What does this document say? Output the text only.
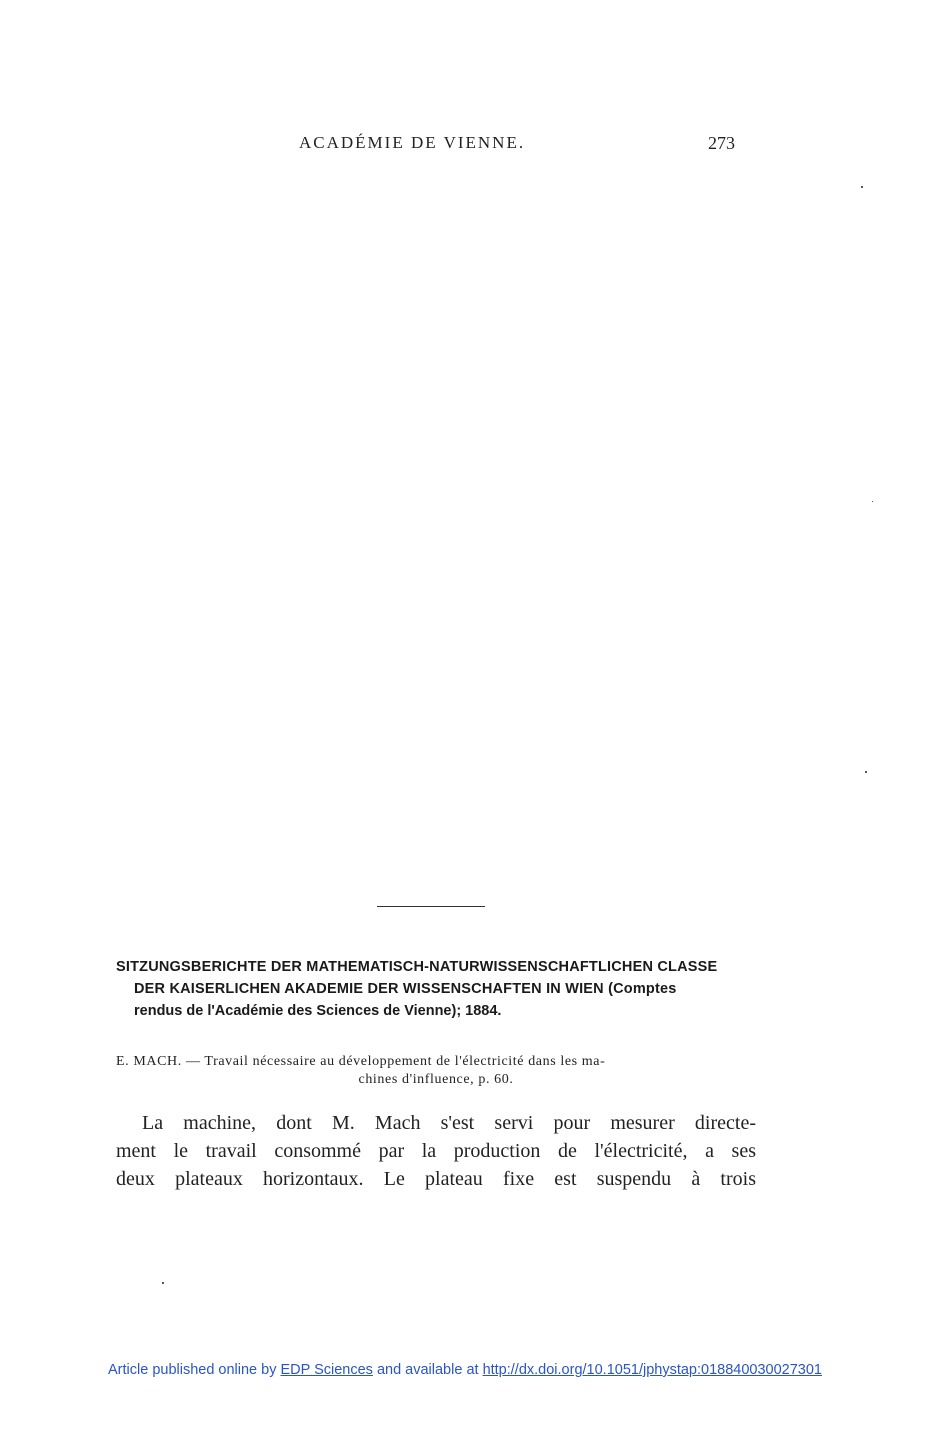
ACADÉMIE DE VIENNE.	273
SITZUNGSBERICHTE DER MATHEMATISCH-NATURWISSENSCHAFTLICHEN CLASSE
DER KAISERLICHEN AKADEMIE DER WISSENSCHAFTEN IN WIEN (Comptes
rendus de l'Académie des Sciences de Vienne); 1884.
E. MACH. — Travail nécessaire au développement de l'électricité dans les ma-
chines d'influence, p. 60.
La machine, dont M. Mach s'est servi pour mesurer directe-
ment le travail consommé par la production de l'électricité, a ses
deux plateaux horizontaux. Le plateau fixe est suspendu à trois
Article published online by EDP Sciences and available at http://dx.doi.org/10.1051/jphystap:018840030027301
